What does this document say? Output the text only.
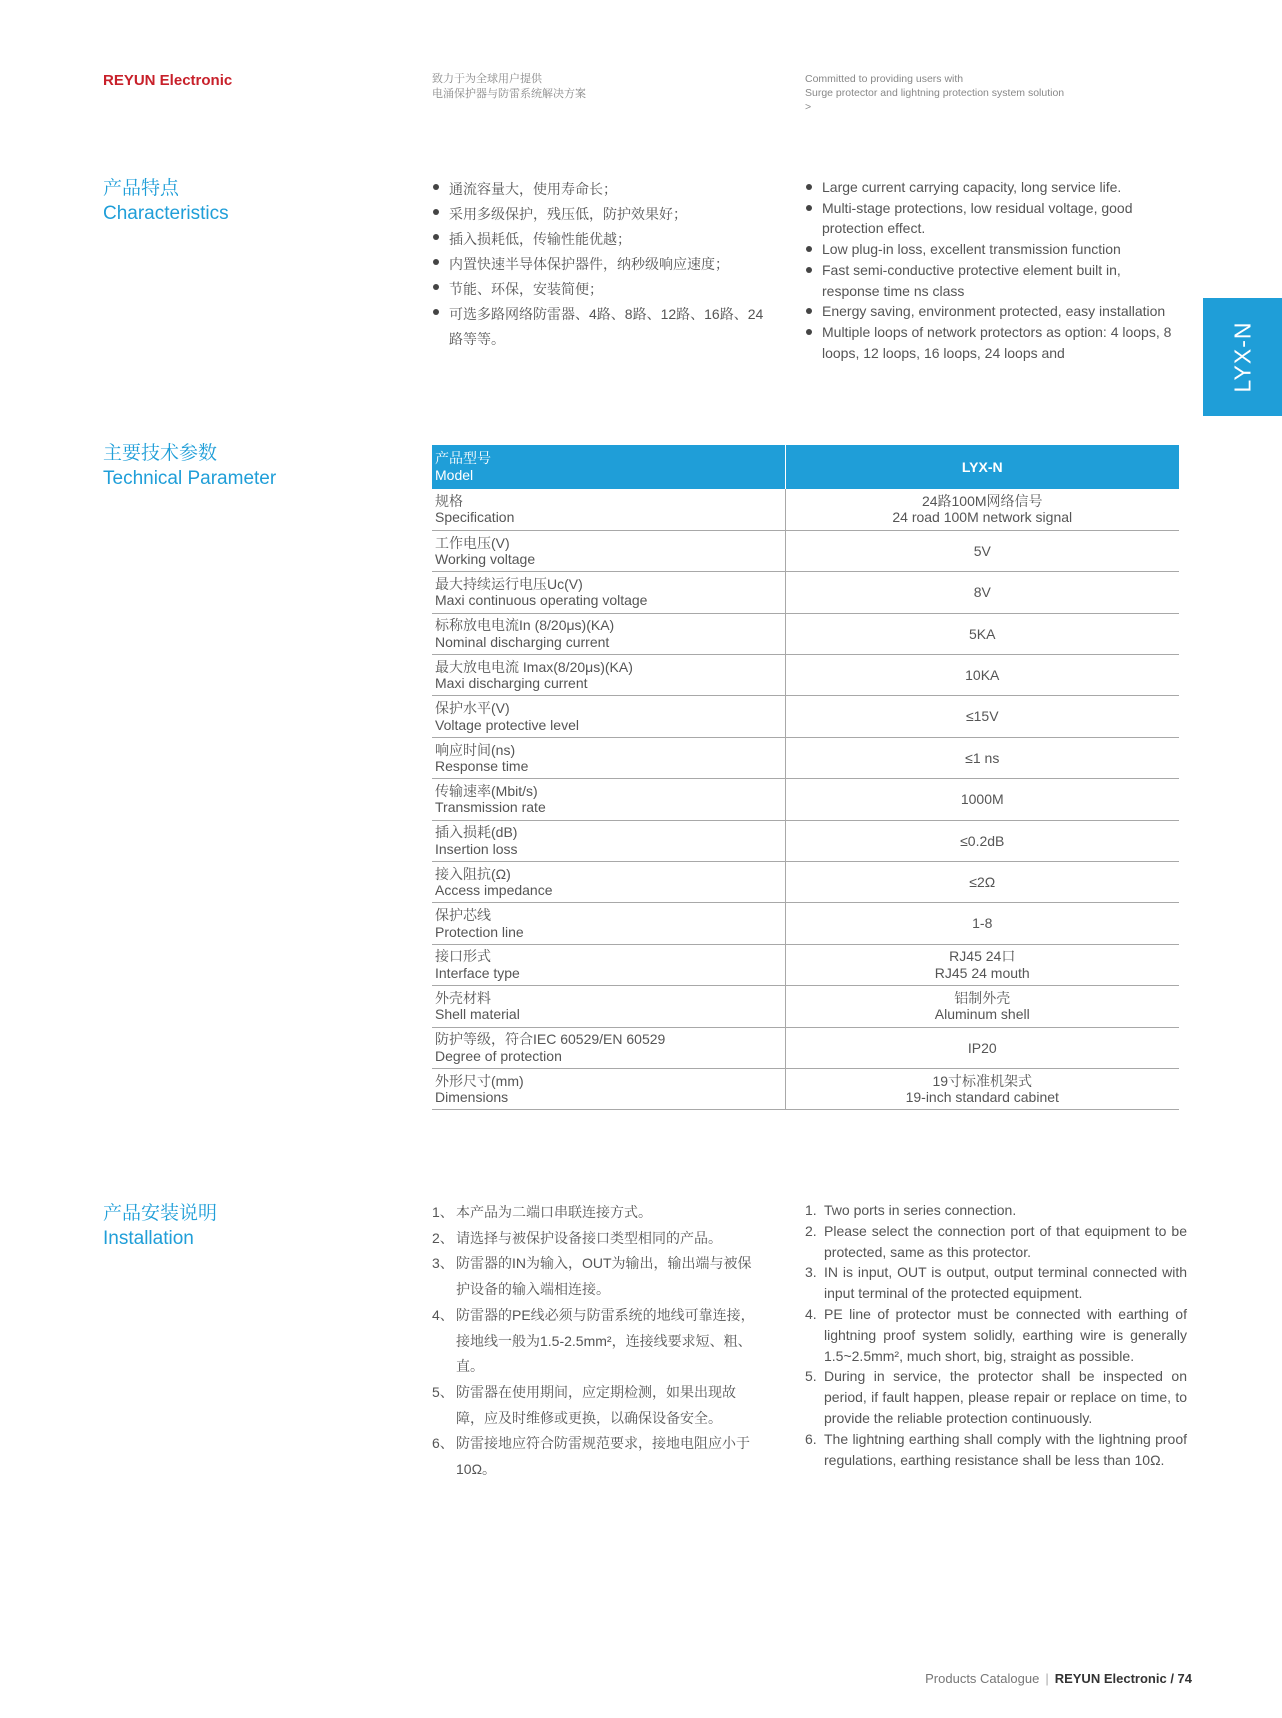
REYUN Electronic	致力于为全球用户提供
电涌保护器与防雷系统解决方案
Committed to providing users with
Surge protector and lightning protection system solution
>
LYX-N
产品特点
Characteristics
通流容量大，使用寿命长；
采用多级保护，残压低，防护效果好；
插入损耗低，传输性能优越；
内置快速半导体保护器件，纳秒级响应速度；
节能、环保，安装简便；
可选多路网络防雷器、4路、8路、12路、16路、24路等等。
Large current carrying capacity, long service life.
Multi-stage protections, low residual voltage, good protection effect.
Low plug-in loss, excellent transmission function
Fast semi-conductive protective element built in, response time ns class
Energy saving, environment protected, easy installation
Multiple loops of network protectors as option: 4 loops, 8 loops, 12 loops, 16 loops, 24 loops and
主要技术参数
Technical Parameter
产品型号
Model	LYX-N

规格
Specification	24路100M网络信号
24 road 100M network signal

工作电压(V)
Working voltage	5V

最大持续运行电压Uc(V)
Maxi continuous operating voltage	8V

标称放电电流In (8/20μs)(KA)
Nominal discharging current	5KA

最大放电电流 Imax(8/20μs)(KA)
Maxi discharging current	10KA

保护水平(V)
Voltage protective level	≤15V

响应时间(ns)
Response time	≤1 ns

传输速率(Mbit/s)
Transmission rate	1000M

插入损耗(dB)
Insertion loss	≤0.2dB

接入阻抗(Ω)
Access impedance	≤2Ω

保护芯线
Protection line	1-8

接口形式
Interface type	RJ45 24口
RJ45 24 mouth

外壳材料
Shell material	铝制外壳
Aluminum shell

防护等级，符合IEC 60529/EN 60529
Degree of protection	IP20

外形尺寸(mm)
Dimensions	19寸标准机架式
19-inch standard cabinet
产品安装说明
Installation
1、 本产品为二端口串联连接方式。
2、 请选择与被保护设备接口类型相同的产品。
3、 防雷器的IN为输入，OUT为输出，输出端与被保护设备的输入端相连接。
4、 防雷器的PE线必须与防雷系统的地线可靠连接，接地线一般为1.5-2.5mm²，连接线要求短、粗、直。
5、 防雷器在使用期间，应定期检测，如果出现故障，应及时维修或更换，以确保设备安全。
6、 防雷接地应符合防雷规范要求，接地电阻应小于10Ω。
1. Two ports in series connection.
2. Please select the connection port of that equipment to be protected, same as this protector.
3. IN is input, OUT is output, output terminal connected with input terminal of the protected equipment.
4. PE line of protector must be connected with earthing of lightning proof system solidly, earthing wire is generally 1.5~2.5mm², much short, big, straight as possible.
5. During in service, the protector shall be inspected on period, if fault happen, please repair or replace on time, to provide the reliable protection continuously.
6. The lightning earthing shall comply with the lightning proof regulations, earthing resistance shall be less than 10Ω.
Products Catalogue | REYUN Electronic / 74
